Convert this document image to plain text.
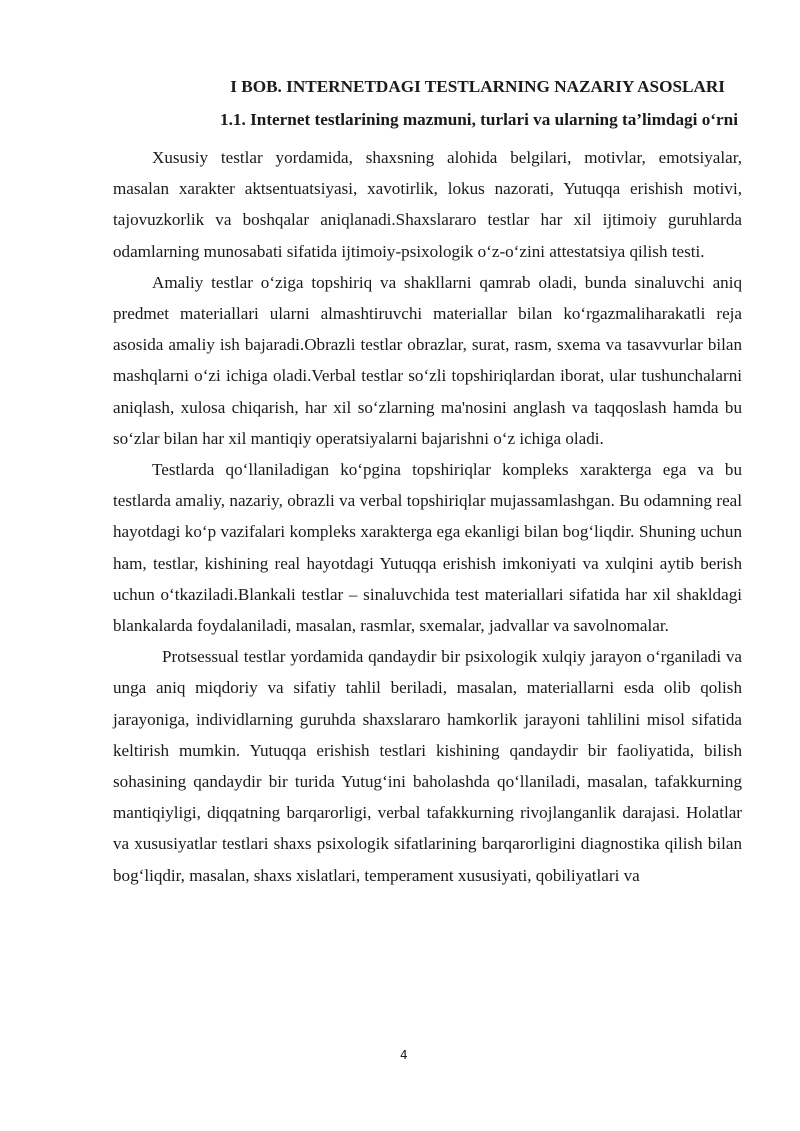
I BOB. INTERNETDAGI TESTLARNING NAZARIY ASOSLARI
1.1. Internet testlarining mazmuni, turlari va ularning ta’limdagi o‘rni

Xususiy testlar yordamida, shaxsning alohida belgilari, motivlar, emotsiyalar, masalan xarakter aktsentuatsiyasi, xavotirlik, lokus nazorati, Yutuqqa erishish motivi, tajovuzkorlik va boshqalar aniqlanadi.Shaxslararo testlar har xil ijtimoiy guruhlarda odamlarning munosabati sifatida ijtimoiy-psixologik o‘z-o‘zini attestatsiya qilish testi.

Amaliy testlar o‘ziga topshiriq va shakllarni qamrab oladi, bunda sinaluvchi aniq predmet materiallari ularni almashtiruvchi materiallar bilan ko‘rgazmaliharakatli reja asosida amaliy ish bajaradi.Obrazli testlar obrazlar, surat, rasm, sxema va tasavvurlar bilan mashqlarni o‘zi ichiga oladi.Verbal testlar so‘zli topshiriqlardan iborat, ular tushunchalarni aniqlash, xulosa chiqarish, har xil so‘zlarning ma'nosini anglash va taqqoslash hamda bu so‘zlar bilan har xil mantiqiy operatsiyalarni bajarishni o‘z ichiga oladi.

Testlarda qo‘llaniladigan ko‘pgina topshiriqlar kompleks xarakterga ega va bu testlarda amaliy, nazariy, obrazli va verbal topshiriqlar mujassamlashgan. Bu odamning real hayotdagi ko‘p vazifalari kompleks xarakterga ega ekanligi bilan bog‘liqdir. Shuning uchun ham, testlar, kishining real hayotdagi Yutuqqa erishish imkoniyati va xulqini aytib berish uchun o‘tkaziladi.Blankali testlar – sinaluvchida test materiallari sifatida har xil shakldagi blankalarda foydalaniladi, masalan, rasmlar, sxemalar, jadvallar va savolnomalar.

Protsessual testlar yordamida qandaydir bir psixologik xulqiy jarayon o‘rganiladi va unga aniq miqdoriy va sifatiy tahlil beriladi, masalan, materiallarni esda olib qolish jarayoniga, individlarning guruhda shaxslararo hamkorlik jarayoni tahlilini misol sifatida keltirish mumkin. Yutuqqa erishish testlari kishining qandaydir bir faoliyatida, bilish sohasining qandaydir bir turida Yutug‘ini baholashda qo‘llaniladi, masalan, tafakkurning mantiqiyligi, diqqatning barqarorligi, verbal tafakkurning rivojlanganlik darajasi. Holatlar va xususiyatlar testlari shaxs psixologik sifatlarining barqarorligini diagnostika qilish bilan bog‘liqdir, masalan, shaxs xislatlari, temperament xususiyati, qobiliyatlari va

4
